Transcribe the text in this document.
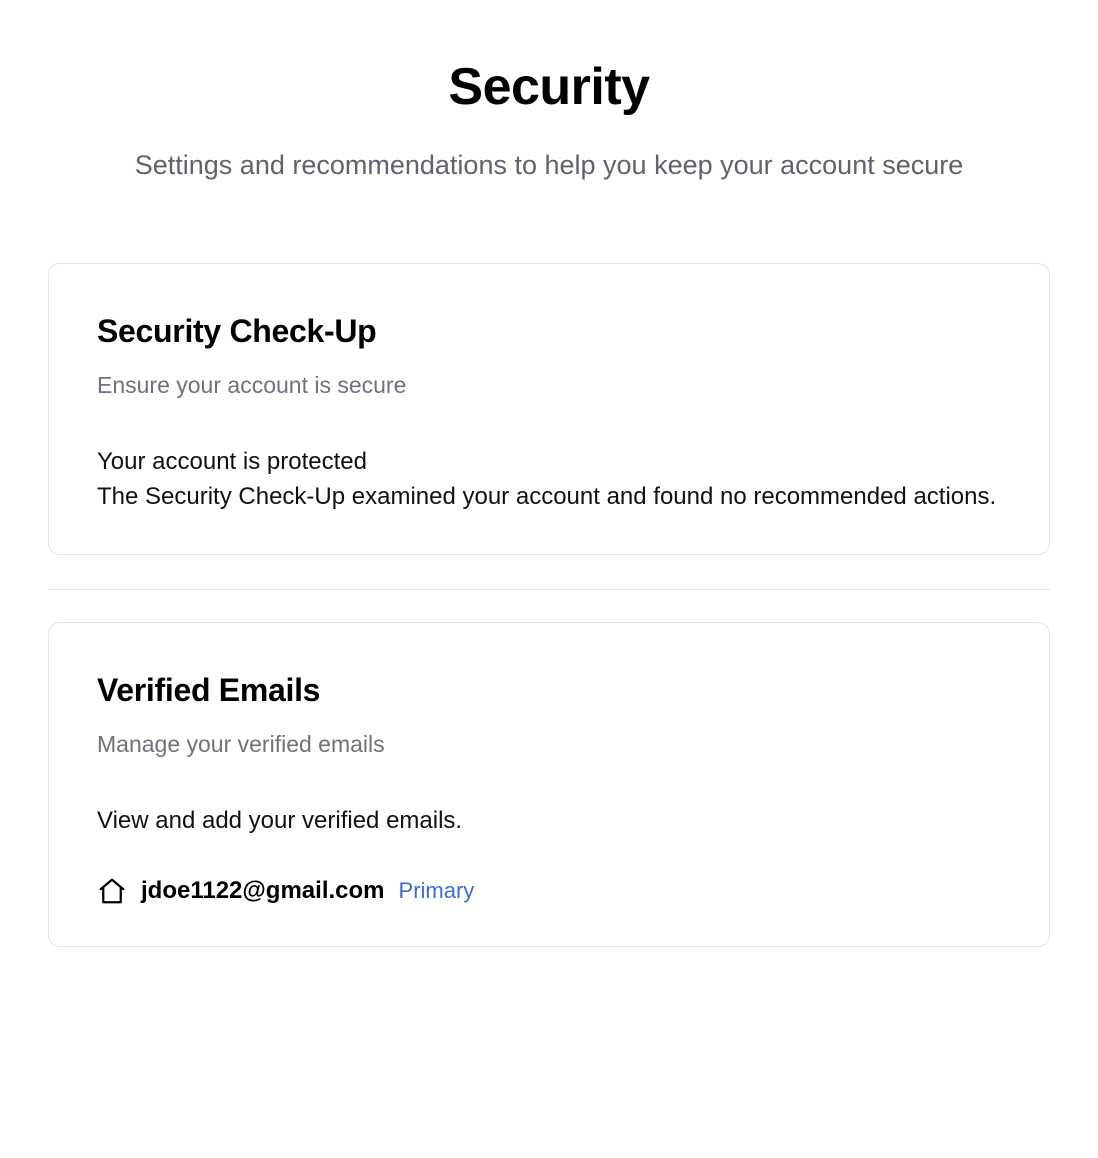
Security

Settings and recommendations to help you keep your account secure

Security Check-Up

Ensure your account is secure

Your account is protected

The Security Check-Up examined your account and found no recommended actions.

Verified Emails

Manage your verified emails

View and add your verified emails.

jdoe1122@gmail.com Primary
